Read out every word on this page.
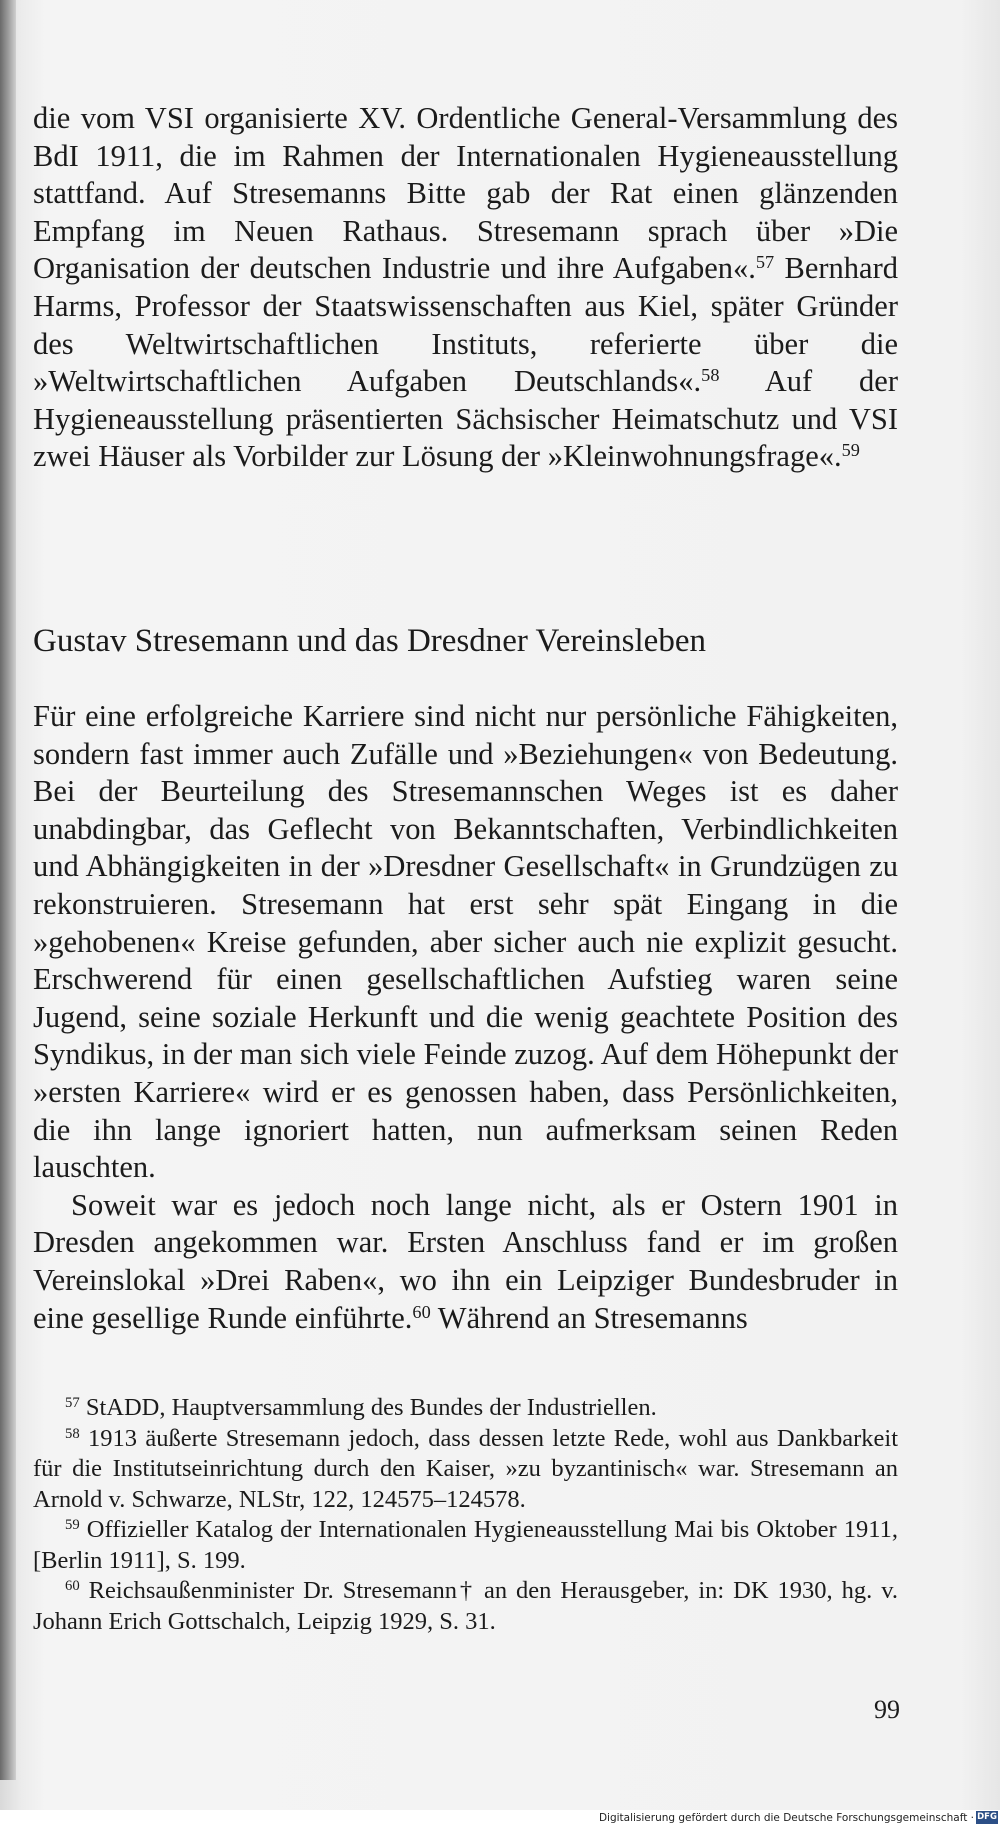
die vom VSI organisierte XV. Ordentliche General-Versammlung des BdI 1911, die im Rahmen der Internationalen Hygieneausstellung stattfand. Auf Stresemanns Bitte gab der Rat einen glänzenden Empfang im Neuen Rathaus. Stresemann sprach über »Die Organisation der deutschen Industrie und ihre Aufgaben«.$^{57}$ Bernhard Harms, Professor der Staatswissenschaften aus Kiel, später Gründer des Weltwirtschaftlichen Instituts, referierte über die »Weltwirtschaftlichen Aufgaben Deutschlands«.$^{58}$ Auf der Hygieneausstellung präsentierten Sächsischer Heimatschutz und VSI zwei Häuser als Vorbilder zur Lösung der »Kleinwohnungsfrage«.$^{59}$

Gustav Stresemann und das Dresdner Vereinsleben

Für eine erfolgreiche Karriere sind nicht nur persönliche Fähigkeiten, sondern fast immer auch Zufälle und »Beziehungen« von Bedeutung. Bei der Beurteilung des Stresemannschen Weges ist es daher unabdingbar, das Geflecht von Bekanntschaften, Verbindlichkeiten und Abhängigkeiten in der »Dresdner Gesellschaft« in Grundzügen zu rekonstruieren. Stresemann hat erst sehr spät Eingang in die »gehobenen« Kreise gefunden, aber sicher auch nie explizit gesucht. Erschwerend für einen gesellschaftlichen Aufstieg waren seine Jugend, seine soziale Herkunft und die wenig geachtete Position des Syndikus, in der man sich viele Feinde zuzog. Auf dem Höhepunkt der »ersten Karriere« wird er es genossen haben, dass Persönlichkeiten, die ihn lange ignoriert hatten, nun aufmerksam seinen Reden lauschten.

Soweit war es jedoch noch lange nicht, als er Ostern 1901 in Dresden angekommen war. Ersten Anschluss fand er im großen Vereinslokal »Drei Raben«, wo ihn ein Leipziger Bundesbruder in eine gesellige Runde einführte.$^{60}$ Während an Stresemanns

$^{57}$ StADD, Hauptversammlung des Bundes der Industriellen.

$^{58}$ 1913 äußerte Stresemann jedoch, dass dessen letzte Rede, wohl aus Dankbarkeit für die Institutseinrichtung durch den Kaiser, »zu byzantinisch« war. Stresemann an Arnold v. Schwarze, NLStr, 122, 124575–124578.

$^{59}$ Offizieller Katalog der Internationalen Hygieneausstellung Mai bis Oktober 1911, [Berlin 1911], S. 199.

$^{60}$ Reichsaußenminister Dr. Stresemann† an den Herausgeber, in: DK 1930, hg. v. Johann Erich Gottschalch, Leipzig 1929, S. 31.

99
Digitalisierung gefördert durch die Deutsche Forschungsgemeinschaft · DFG
